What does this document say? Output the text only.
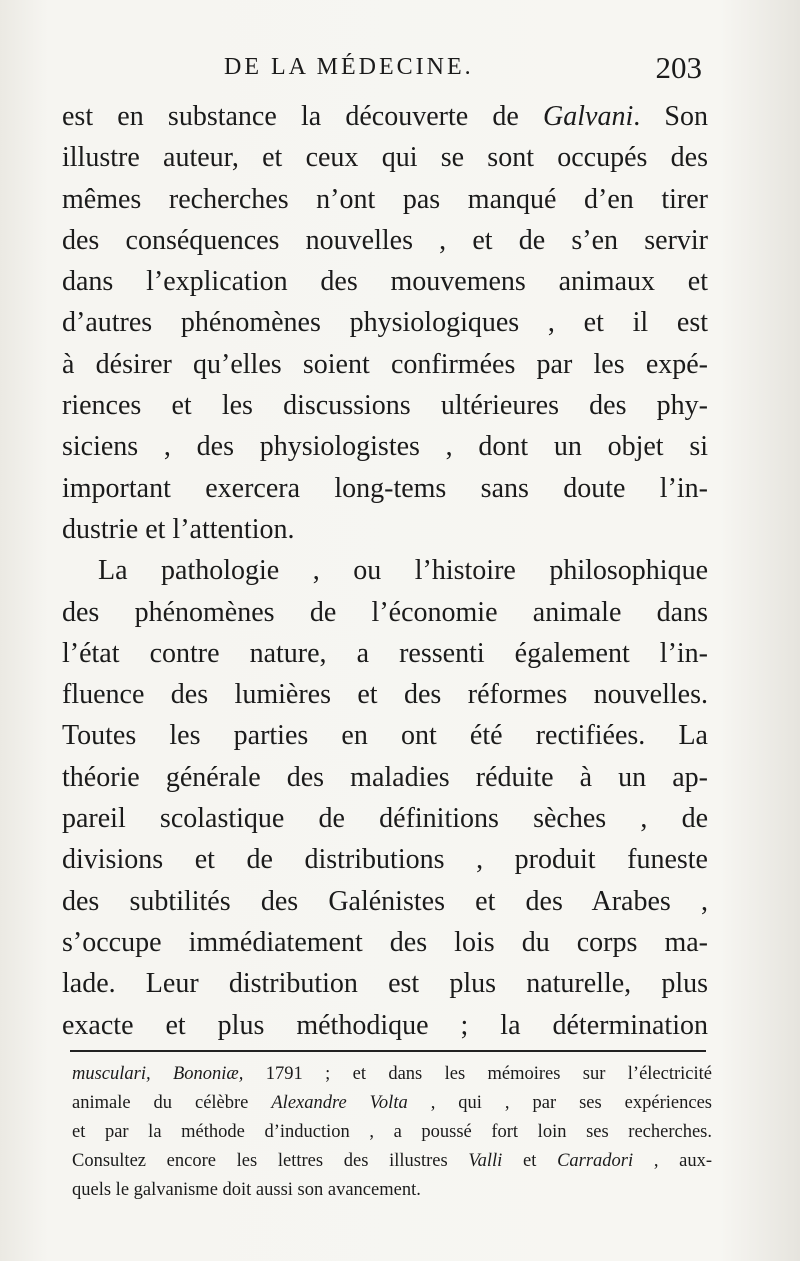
DE LA MÉDECINE.	203
est en substance la découverte de Galvani. Son
illustre auteur, et ceux qui se sont occupés des
mêmes recherches n’ont pas manqué d’en tirer
des conséquences nouvelles , et de s’en servir
dans l’explication des mouvemens animaux et
d’autres phénomènes physiologiques , et il est
à désirer qu’elles soient confirmées par les expé-
riences et les discussions ultérieures des phy-
siciens , des physiologistes , dont un objet si
important exercera long-tems sans doute l’in-
dustrie et l’attention.
La pathologie , ou l’histoire philosophique
des phénomènes de l’économie animale dans
l’état contre nature, a ressenti également l’in-
fluence des lumières et des réformes nouvelles.
Toutes les parties en ont été rectifiées. La
théorie générale des maladies réduite à un ap-
pareil scolastique de définitions sèches , de
divisions et de distributions , produit funeste
des subtilités des Galénistes et des Arabes ,
s’occupe immédiatement des lois du corps ma-
lade. Leur distribution est plus naturelle, plus
exacte et plus méthodique ; la détermination
musculari, Bononiæ, 1791 ; et dans les mémoires sur l’électricité
animale du célèbre Alexandre Volta , qui , par ses expériences
et par la méthode d’induction , a poussé fort loin ses recherches.
Consultez encore les lettres des illustres Valli et Carradori , aux-
quels le galvanisme doit aussi son avancement.
